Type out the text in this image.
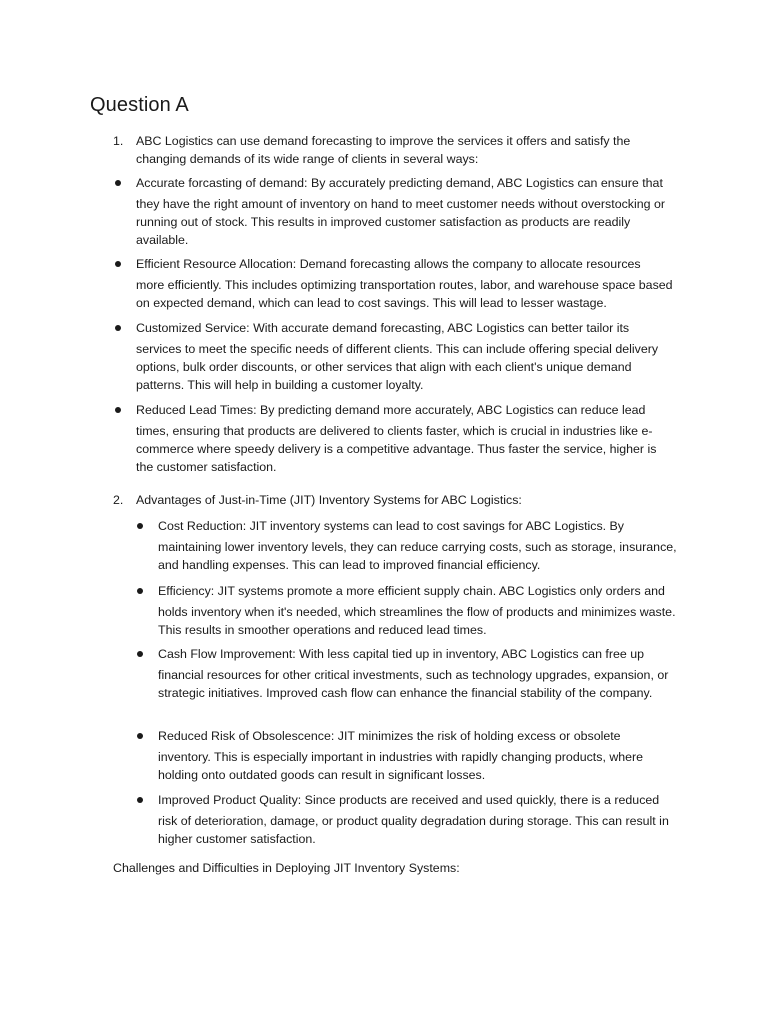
Question A
1. ABC Logistics can use demand forecasting to improve the services it offers and satisfy the changing demands of its wide range of clients in several ways:
Accurate forcasting of demand: By accurately predicting demand, ABC Logistics can ensure that
they have the right amount of inventory on hand to meet customer needs without overstocking or running out of stock. This results in improved customer satisfaction as products are readily available.
Efficient Resource Allocation: Demand forecasting allows the company to allocate resources
more efficiently. This includes optimizing transportation routes, labor, and warehouse space based on expected demand, which can lead to cost savings. This will lead to lesser wastage.
Customized Service: With accurate demand forecasting, ABC Logistics can better tailor its
services to meet the specific needs of different clients. This can include offering special delivery options, bulk order discounts, or other services that align with each client's unique demand patterns. This will help in building a customer loyalty.
Reduced Lead Times: By predicting demand more accurately, ABC Logistics can reduce lead
times, ensuring that products are delivered to clients faster, which is crucial in industries like e-commerce where speedy delivery is a competitive advantage. Thus faster the service, higher is the customer satisfaction.
2. Advantages of Just-in-Time (JIT) Inventory Systems for ABC Logistics:
Cost Reduction: JIT inventory systems can lead to cost savings for ABC Logistics. By
maintaining lower inventory levels, they can reduce carrying costs, such as storage, insurance, and handling expenses. This can lead to improved financial efficiency.
Efficiency: JIT systems promote a more efficient supply chain. ABC Logistics only orders and
holds inventory when it's needed, which streamlines the flow of products and minimizes waste. This results in smoother operations and reduced lead times.
Cash Flow Improvement: With less capital tied up in inventory, ABC Logistics can free up
financial resources for other critical investments, such as technology upgrades, expansion, or strategic initiatives. Improved cash flow can enhance the financial stability of the company.
Reduced Risk of Obsolescence: JIT minimizes the risk of holding excess or obsolete
inventory. This is especially important in industries with rapidly changing products, where holding onto outdated goods can result in significant losses.
Improved Product Quality: Since products are received and used quickly, there is a reduced
risk of deterioration, damage, or product quality degradation during storage. This can result in higher customer satisfaction.
Challenges and Difficulties in Deploying JIT Inventory Systems:
